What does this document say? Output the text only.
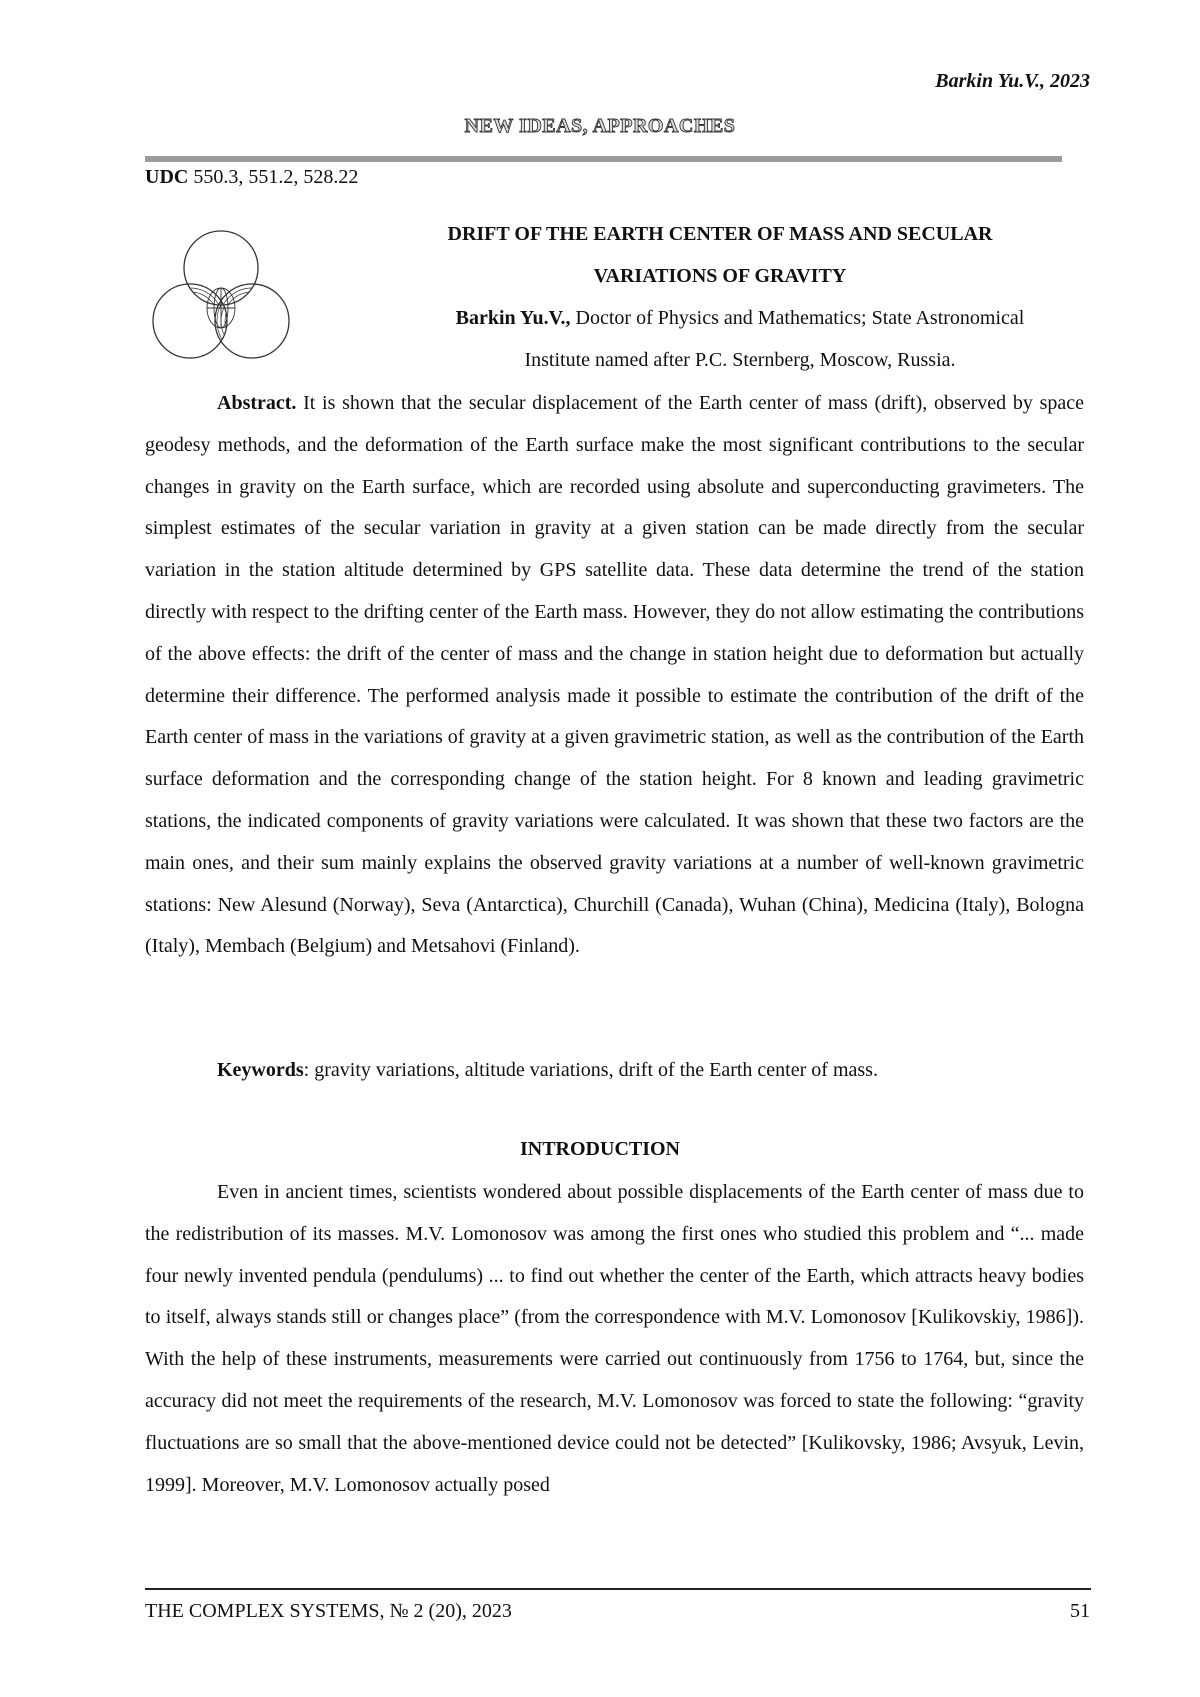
Barkin Yu.V., 2023
NEW IDEAS, APPROACHES
UDC 550.3, 551.2, 528.22
DRIFT OF THE EARTH CENTER OF MASS AND SECULAR
VARIATIONS OF GRAVITY
Barkin Yu.V., Doctor of Physics and Mathematics; State Astronomical
Institute named after P.C. Sternberg, Moscow, Russia.
Abstract. It is shown that the secular displacement of the Earth center of mass (drift), observed by space geodesy methods, and the deformation of the Earth surface make the most significant contributions to the secular changes in gravity on the Earth surface, which are recorded using absolute and superconducting gravimeters. The simplest estimates of the secular variation in gravity at a given station can be made directly from the secular variation in the station altitude determined by GPS satellite data. These data determine the trend of the station directly with respect to the drifting center of the Earth mass. However, they do not allow estimating the contributions of the above effects: the drift of the center of mass and the change in station height due to deformation but actually determine their difference. The performed analysis made it possible to estimate the contribution of the drift of the Earth center of mass in the variations of gravity at a given gravimetric station, as well as the contribution of the Earth surface deformation and the corresponding change of the station height. For 8 known and leading gravimetric stations, the indicated components of gravity variations were calculated. It was shown that these two factors are the main ones, and their sum mainly explains the observed gravity variations at a number of well-known gravimetric stations: New Alesund (Norway), Seva (Antarctica), Churchill (Canada), Wuhan (China), Medicina (Italy), Bologna (Italy), Membach (Belgium) and Metsahovi (Finland).
Keywords: gravity variations, altitude variations, drift of the Earth center of mass.
INTRODUCTION
Even in ancient times, scientists wondered about possible displacements of the Earth center of mass due to the redistribution of its masses. M.V. Lomonosov was among the first ones who studied this problem and “... made four newly invented pendula (pendulums) ... to find out whether the center of the Earth, which attracts heavy bodies to itself, always stands still or changes place” (from the correspondence with M.V. Lomonosov [Kulikovskiy, 1986]). With the help of these instruments, measurements were carried out continuously from 1756 to 1764, but, since the accuracy did not meet the requirements of the research, M.V. Lomonosov was forced to state the following: “gravity fluctuations are so small that the above-mentioned device could not be detected” [Kulikovsky, 1986; Avsyuk, Levin, 1999]. Moreover, M.V. Lomonosov actually posed
THE COMPLEX SYSTEMS, № 2 (20), 2023	51
